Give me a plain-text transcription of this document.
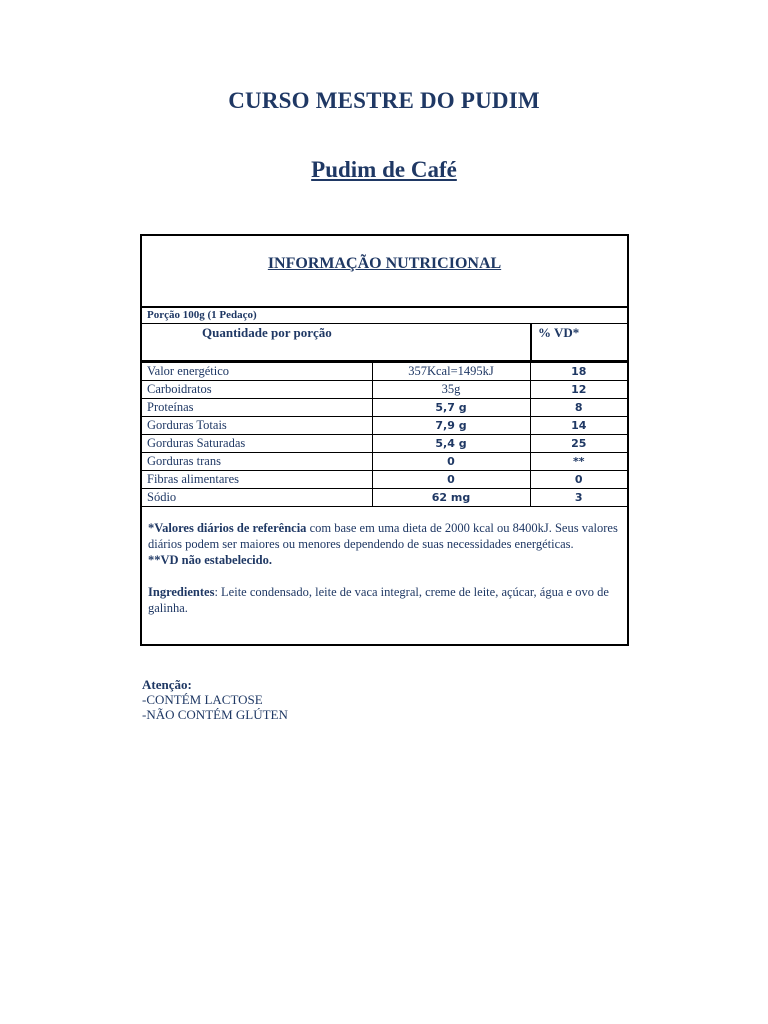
CURSO MESTRE DO PUDIM
Pudim de Café
INFORMAÇÃO NUTRICIONAL
Porção 100g (1 Pedaço)
Quantidade por porção	% VD*
Valor energético	357Kcal=1495kJ	18
Carboidratos	35g	12
Proteínas	5,7 g	8
Gorduras Totais	7,9 g	14
Gorduras Saturadas	5,4 g	25
Gorduras trans	0	**
Fibras alimentares	0	0
Sódio	62 mg	3

*Valores diários de referência com base em uma dieta de 2000 kcal ou 8400kJ. Seus valores diários podem ser maiores ou menores dependendo de suas necessidades energéticas.

**VD não estabelecido.

Ingredientes: Leite condensado, leite de vaca integral, creme de leite, açúcar, água e ovo de galinha.

Atenção:
-CONTÉM LACTOSE
-NÃO CONTÉM GLÚTEN
